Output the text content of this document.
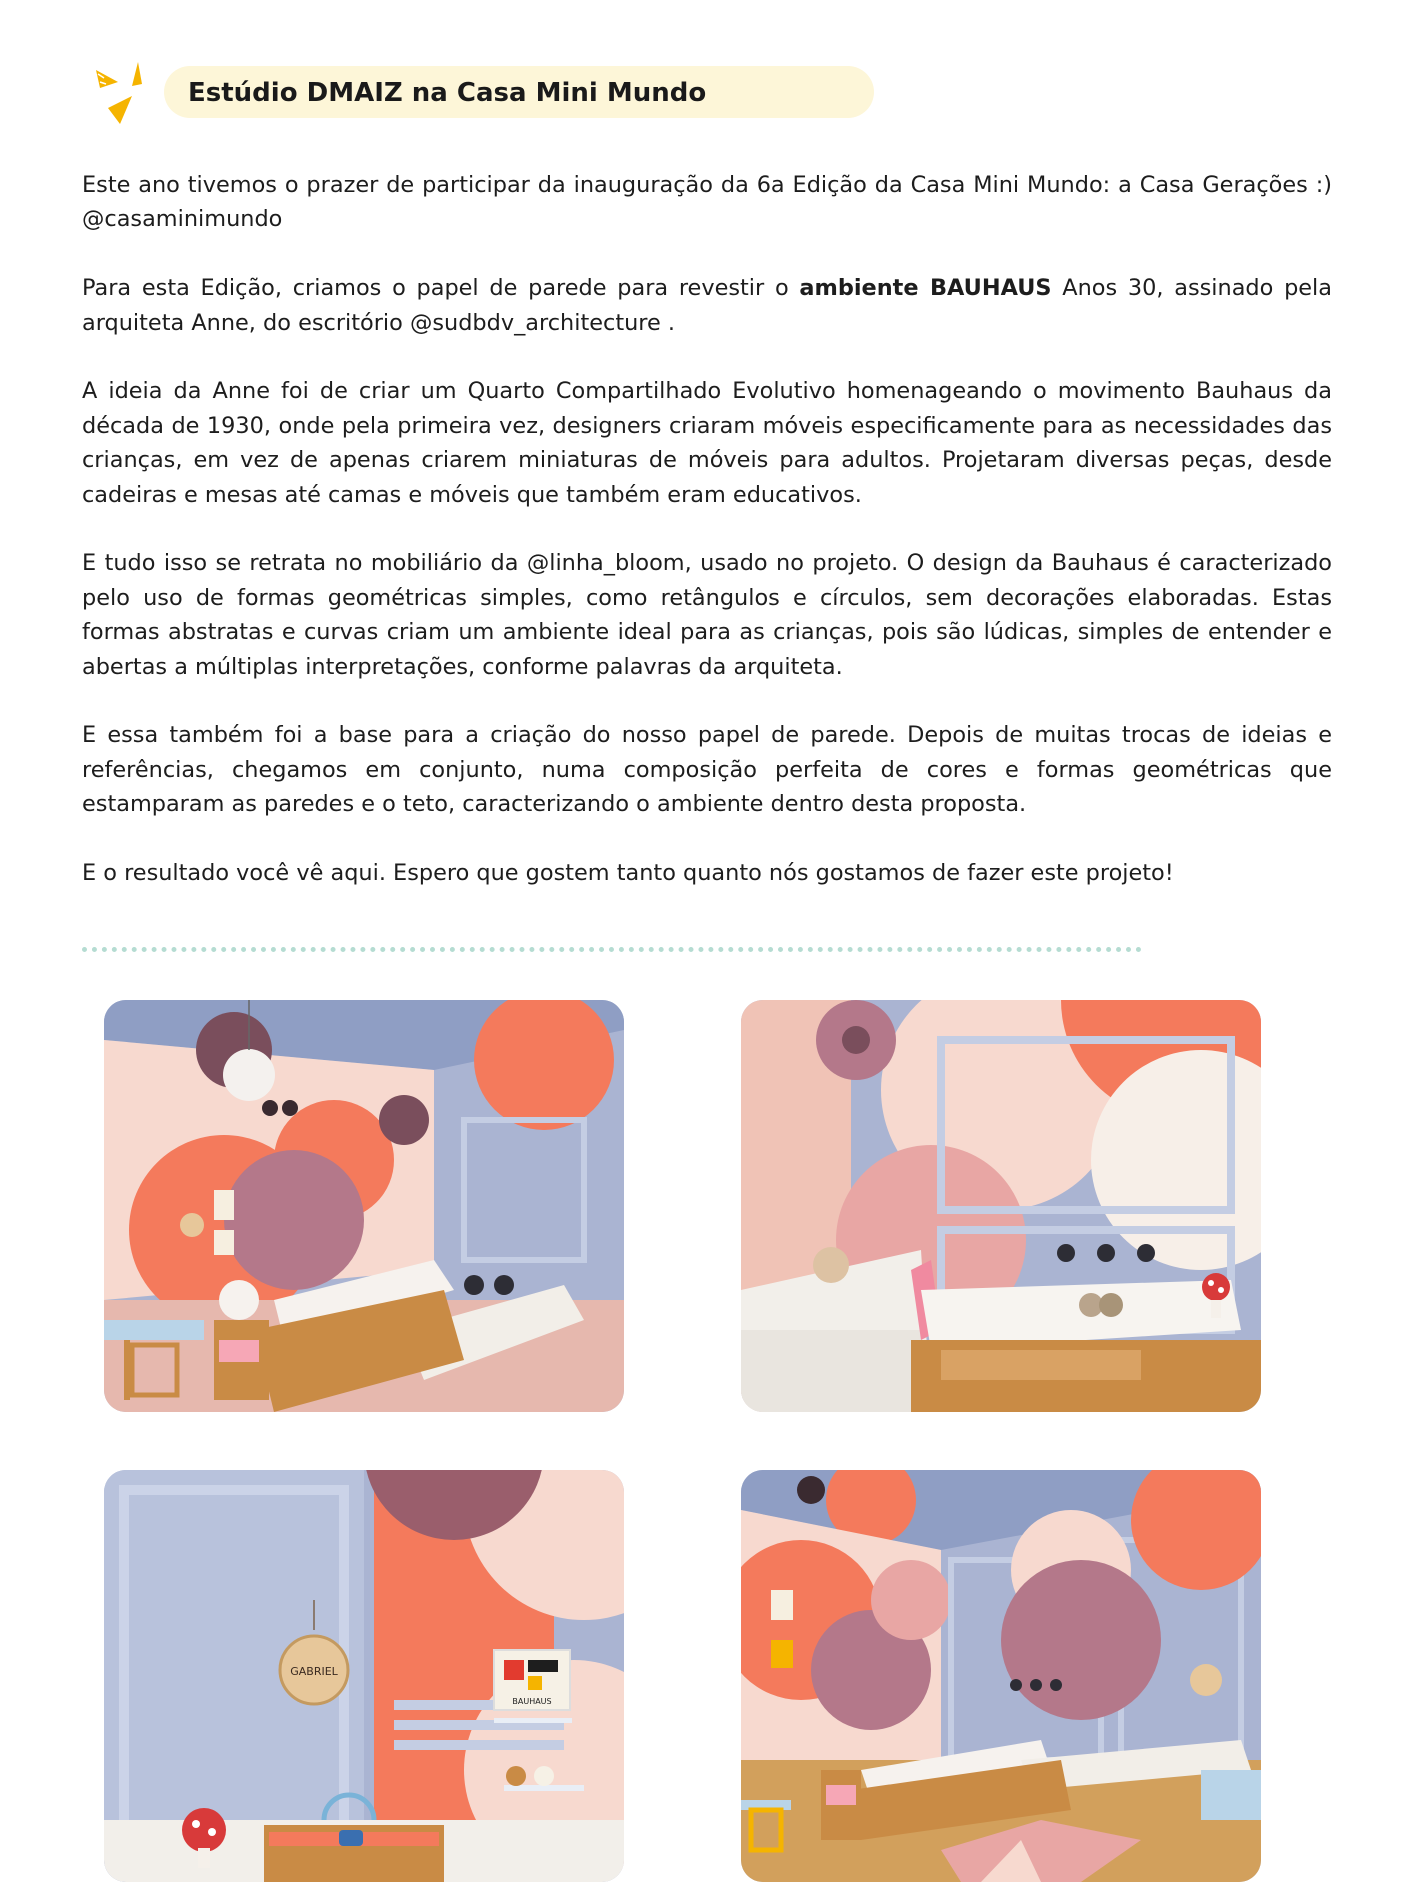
Estúdio DMAIZ na Casa Mini Mundo

Este ano tivemos o prazer de participar da inauguração da 6a Edição da Casa Mini Mundo: a Casa Gerações :) @casaminimundo

Para esta Edição, criamos o papel de parede para revestir o ambiente BAUHAUS Anos 30, assinado pela arquiteta Anne, do escritório @sudbdv_architecture .

A ideia da Anne foi de criar um Quarto Compartilhado Evolutivo homenageando o movimento Bauhaus da década de 1930, onde pela primeira vez, designers criaram móveis especificamente para as necessidades das crianças, em vez de apenas criarem miniaturas de móveis para adultos. Projetaram diversas peças, desde cadeiras e mesas até camas e móveis que também eram educativos.

E tudo isso se retrata no mobiliário da @linha_bloom, usado no projeto. O design da Bauhaus é caracterizado pelo uso de formas geométricas simples, como retângulos e círculos, sem decorações elaboradas. Estas formas abstratas e curvas criam um ambiente ideal para as crianças, pois são lúdicas, simples de entender e abertas a múltiplas interpretações, conforme palavras da arquiteta.

E essa também foi a base para a criação do nosso papel de parede. Depois de muitas trocas de ideias e referências, chegamos em conjunto, numa composição perfeita de cores e formas geométricas que estamparam as paredes e o teto, caracterizando o ambiente dentro desta proposta.

E o resultado você vê aqui. Espero que gostem tanto quanto nós gostamos de fazer este projeto!

GABRIEL
BAUHAUS
